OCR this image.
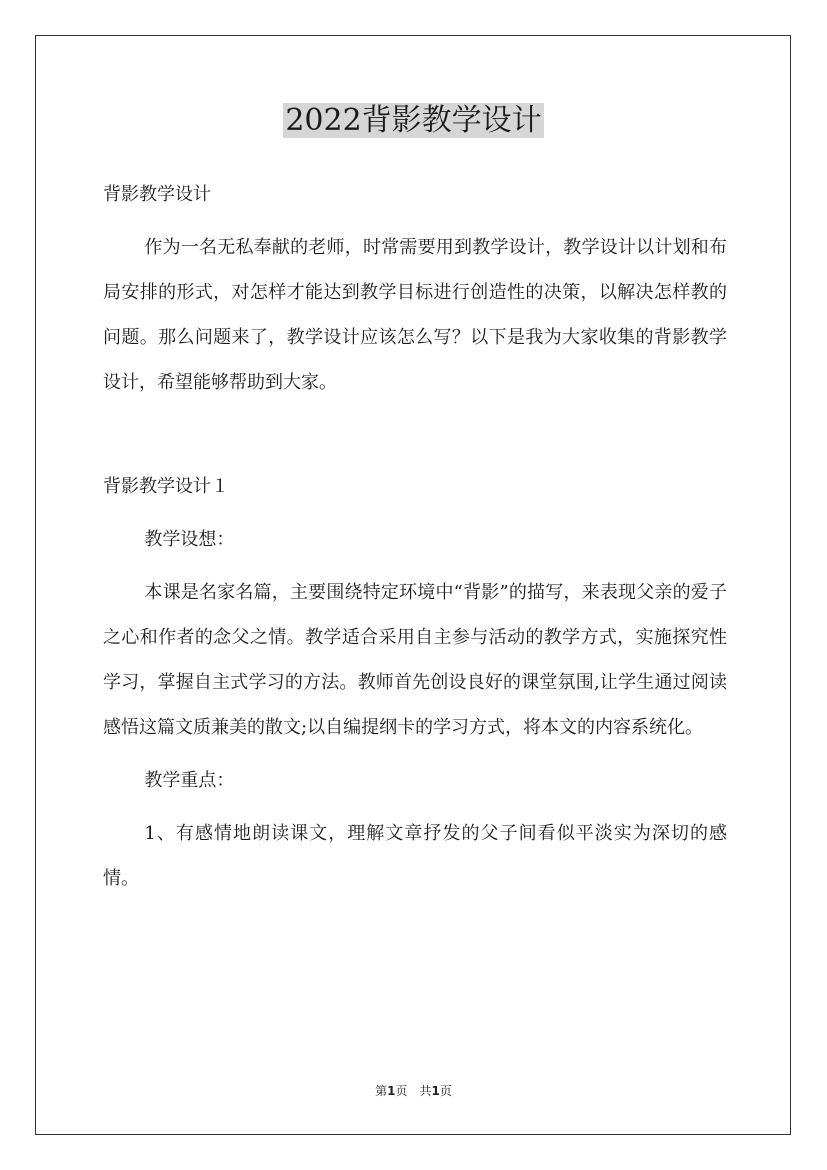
2022背影教学设计

背影教学设计

作为一名无私奉献的老师，时常需要用到教学设计，教学设计以计划和布局安排的形式，对怎样才能达到教学目标进行创造性的决策，以解决怎样教的问题。那么问题来了，教学设计应该怎么写？以下是我为大家收集的背影教学设计，希望能够帮助到大家。

背影教学设计１

教学设想：

本课是名家名篇，主要围绕特定环境中“背影”的描写，来表现父亲的爱子之心和作者的念父之情。教学适合采用自主参与活动的教学方式，实施探究性学习，掌握自主式学习的方法。教师首先创设良好的课堂氛围,让学生通过阅读感悟这篇文质兼美的散文;以自编提纲卡的学习方式，将本文的内容系统化。

教学重点：

1、有感情地朗读课文，理解文章抒发的父子间看似平淡实为深切的感情。

第1页　共1页
